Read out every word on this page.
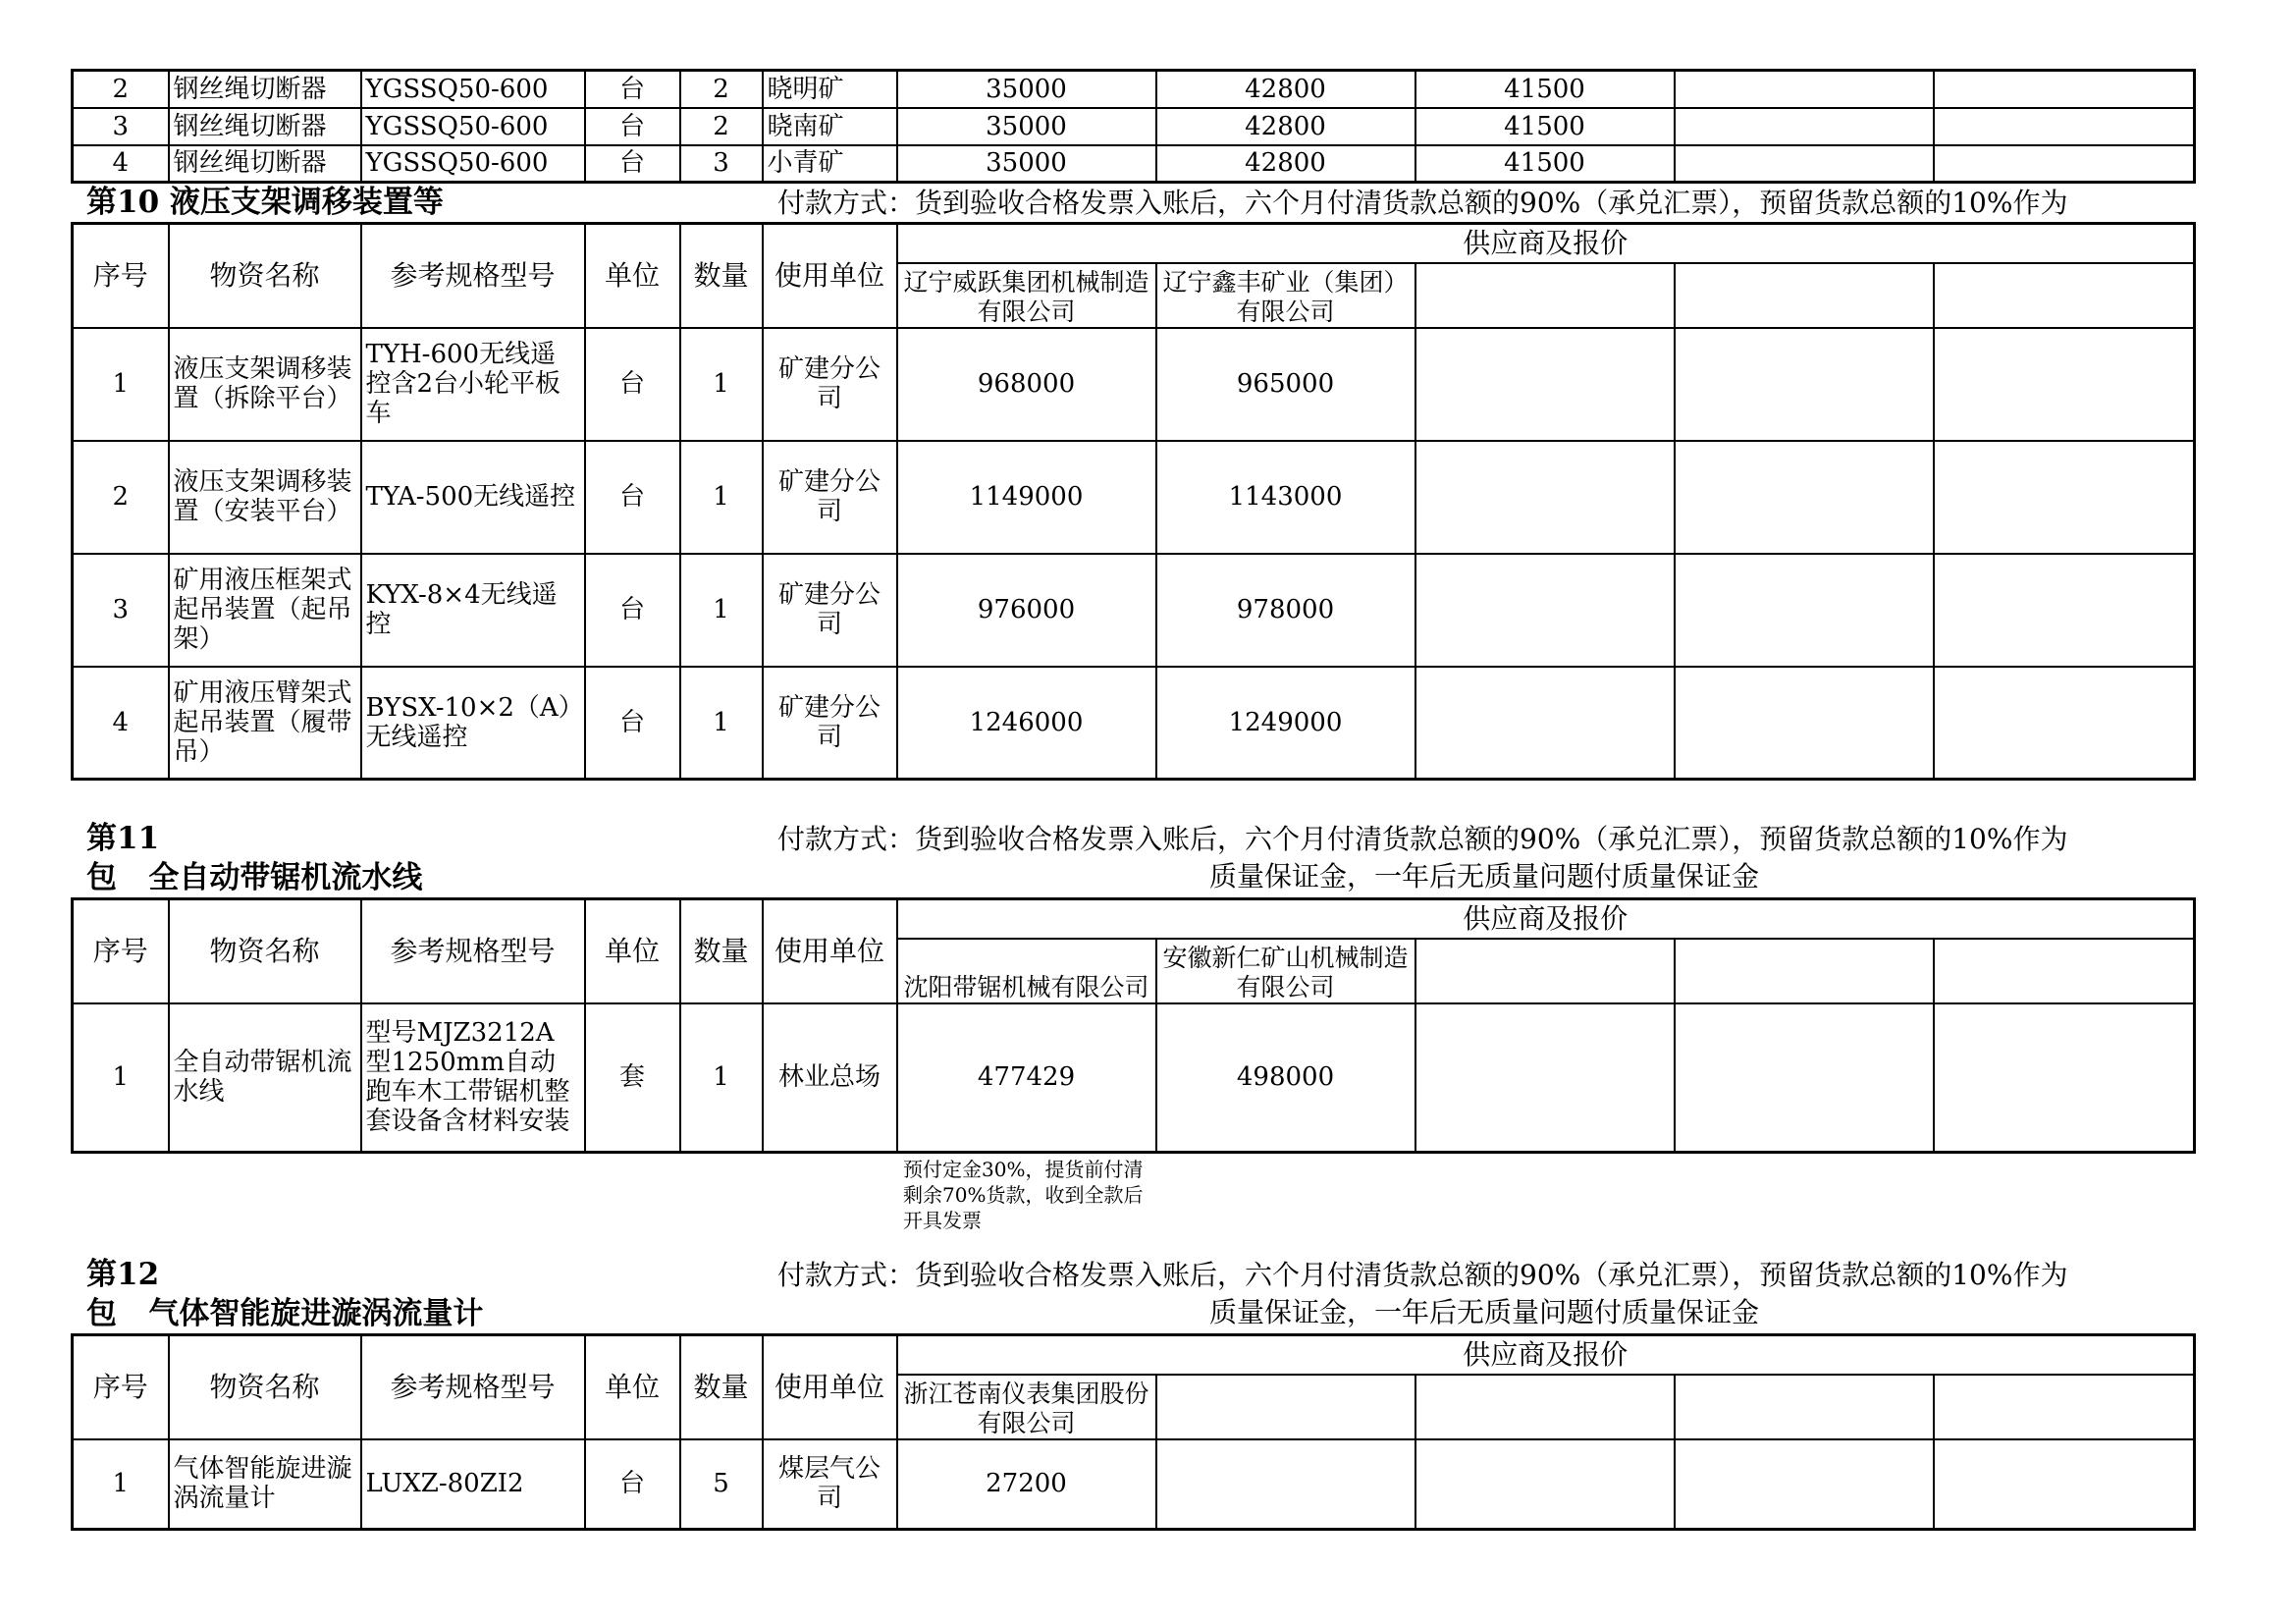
2	钢丝绳切断器	YGSSQ50-600	台	2	晓明矿	35000	42800	41500		
3	钢丝绳切断器	YGSSQ50-600	台	2	晓南矿	35000	42800	41500		
4	钢丝绳切断器	YGSSQ50-600	台	3	小青矿	35000	42800	41500		
第10 液压支架调移装置等	付款方式：货到验收合格发票入账后，六个月付清货款总额的90%（承兑汇票），预留货款总额的10%作为
序号	物资名称	参考规格型号	单位	数量	使用单位	供应商及报价				
						辽宁威跃集团机械制造有限公司	辽宁鑫丰矿业（集团）有限公司			
1	液压支架调移装置（拆除平台）	TYH-600无线遥控含2台小轮平板车	台	1	矿建分公司	968000	965000			
2	液压支架调移装置（安装平台）	TYA-500无线遥控	台	1	矿建分公司	1149000	1143000			
3	矿用液压框架式起吊装置（起吊架）	KYX-8×4无线遥控	台	1	矿建分公司	976000	978000			
4	矿用液压臂架式起吊装置（履带吊）	BYSX-10×2（A）无线遥控	台	1	矿建分公司	1246000	1249000			
第11
包   全自动带锯机流水线
付款方式：货到验收合格发票入账后，六个月付清货款总额的90%（承兑汇票），预留货款总额的10%作为
质量保证金，一年后无质量问题付质量保证金
序号	物资名称	参考规格型号	单位	数量	使用单位	供应商及报价				
						沈阳带锯机械有限公司	安徽新仁矿山机械制造有限公司			
1	全自动带锯机流水线	型号MJZ3212A型1250mm自动跑车木工带锯机整套设备含材料安装	套	1	林业总场	477429	498000			
预付定金30%，提货前付清剩余70%货款，收到全款后开具发票
第12
包   气体智能旋进漩涡流量计
付款方式：货到验收合格发票入账后，六个月付清货款总额的90%（承兑汇票），预留货款总额的10%作为
质量保证金，一年后无质量问题付质量保证金
序号	物资名称	参考规格型号	单位	数量	使用单位	供应商及报价				
						浙江苍南仪表集团股份有限公司				
1	气体智能旋进漩涡流量计	LUXZ-80ZI2	台	5	煤层气公司	27200				
